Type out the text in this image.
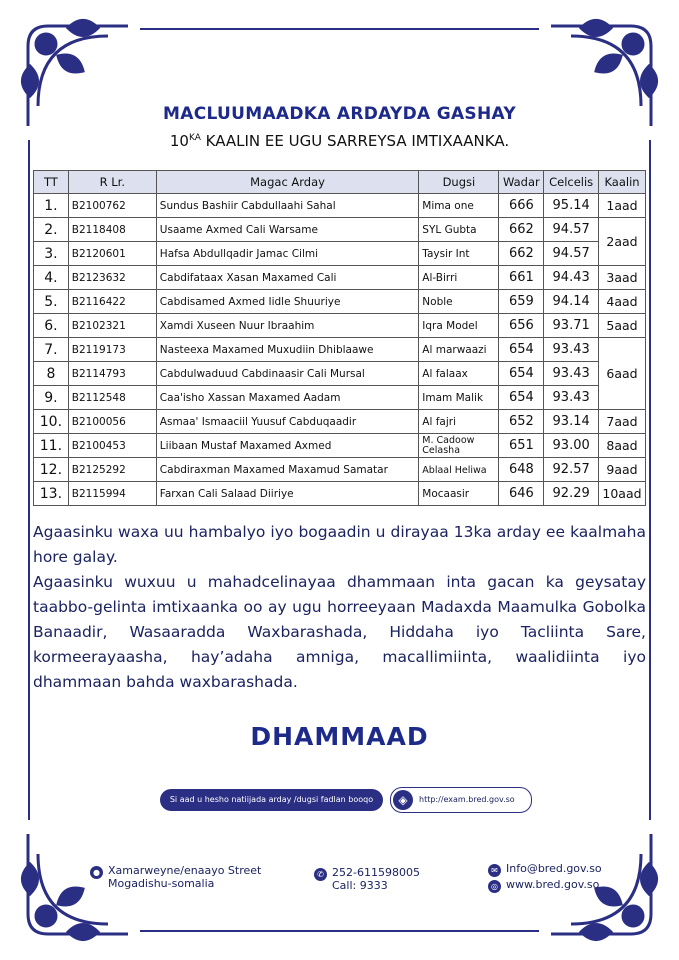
MACLUUMAADKA ARDAYDA GASHAY
$10^{KA}$ KAALIN EE UGU SARREYSA IMTIXAANKA.
TT	R Lr.	Magac Arday	Dugsi	Wadar	Celcelis	Kaalin
1.	B2100762	Sundus Bashiir Cabdullaahi Sahal	Mima one	666	95.14	1aad
2.	B2118408	Usaame Axmed Cali Warsame	SYL Gubta	662	94.57	2aad
3.	B2120601	Hafsa Abdullqadir Jamac Cilmi	Taysir Int	662	94.57	
4.	B2123632	Cabdifataax Xasan Maxamed Cali	Al-Birri	661	94.43	3aad
5.	B2116422	Cabdisamed Axmed Iidle Shuuriye	Noble	659	94.14	4aad
6.	B2102321	Xamdi Xuseen Nuur Ibraahim	Iqra Model	656	93.71	5aad
7.	B2119173	Nasteexa Maxamed Muxudiin Dhiblaawe	Al marwaazi	654	93.43	6aad
8	B2114793	Cabdulwaduud Cabdinaasir Cali Mursal	Al falaax	654	93.43	
9.	B2112548	Caa'isho Xassan Maxamed Aadam	Imam Malik	654	93.43	
10.	B2100056	Asmaa' Ismaaciil Yuusuf Cabduqaadir	Al fajri	652	93.14	7aad
11.	B2100453	Liibaan Mustaf Maxamed Axmed	M. Cadoow Celasha	651	93.00	8aad
12.	B2125292	Cabdiraxman Maxamed Maxamud Samatar	Ablaal Heliwa	648	92.57	9aad
13.	B2115994	Farxan Cali Salaad Diiriye	Mocaasir	646	92.29	10aad
Agaasinku waxa uu hambalyo iyo bogaadin u dirayaa 13ka arday ee kaalmaha hore galay.
Agaasinku wuxuu u mahadcelinayaa dhammaan inta gacan ka geysatay taabbo-gelinta imtixaanka oo ay ugu horreeyaan Madaxda Maamulka Gobolka Banaadir, Wasaaradda Waxbarashada, Hiddaha iyo Tacliinta Sare, kormeerayaasha, hay’adaha amniga, macallimiinta, waalidiinta iyo dhammaan bahda waxbarashada.
DHAMMAAD
Si aad u hesho natiijada arday /dugsi fadlan booqo	◈	http://exam.bred.gov.so
● Xamarweyne/enaayo Street
Mogadishu-somalia
✆ 252-611598005
Call: 9333
✉ Info@bred.gov.so
◎ www.bred.gov.so
